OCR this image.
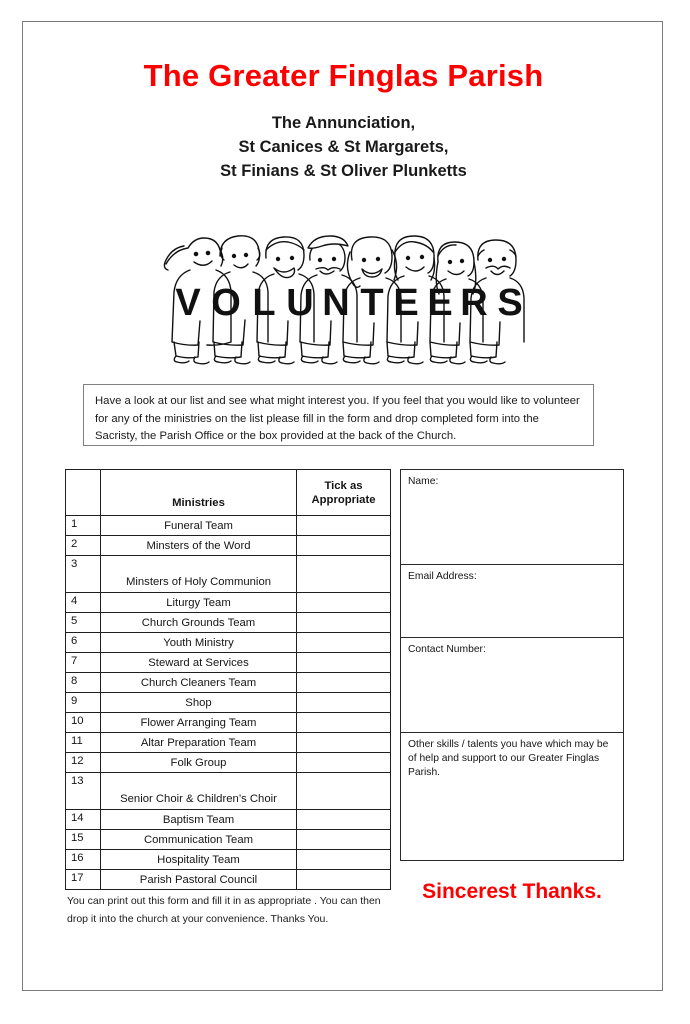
The Greater Finglas Parish
The Annunciation,
St Canices & St Margarets,
St Finians & St Oliver Plunketts
V O L U N T E E R S
Have a look at our list and see what might interest you. If you feel that you would like to volunteer for any of the ministries on the list please fill in the form and drop completed form into the Sacristy, the Parish Office or the box provided at the back of the Church.
	Ministries	Tick as
Appropriate

1	Funeral Team	
2	Minsters of the Word	
3	Minsters of Holy Communion	
4	Liturgy Team	
5	Church Grounds Team	
6	Youth Ministry	
7	Steward at Services	
8	Church Cleaners Team	
9	Shop	
10	Flower Arranging Team	
11	Altar Preparation Team	
12	Folk Group	
13	Senior Choir & Children’s Choir	
14	Baptism Team	
15	Communication Team	
16	Hospitality Team	
17	Parish Pastoral Council	
You can print out this form and fill it in as appropriate . You can then drop it into the church at your convenience. Thanks You.
Name:
Email Address:
Contact Number:
Other skills / talents you have which may be of help and support to our Greater Finglas Parish.
Sincerest Thanks.
